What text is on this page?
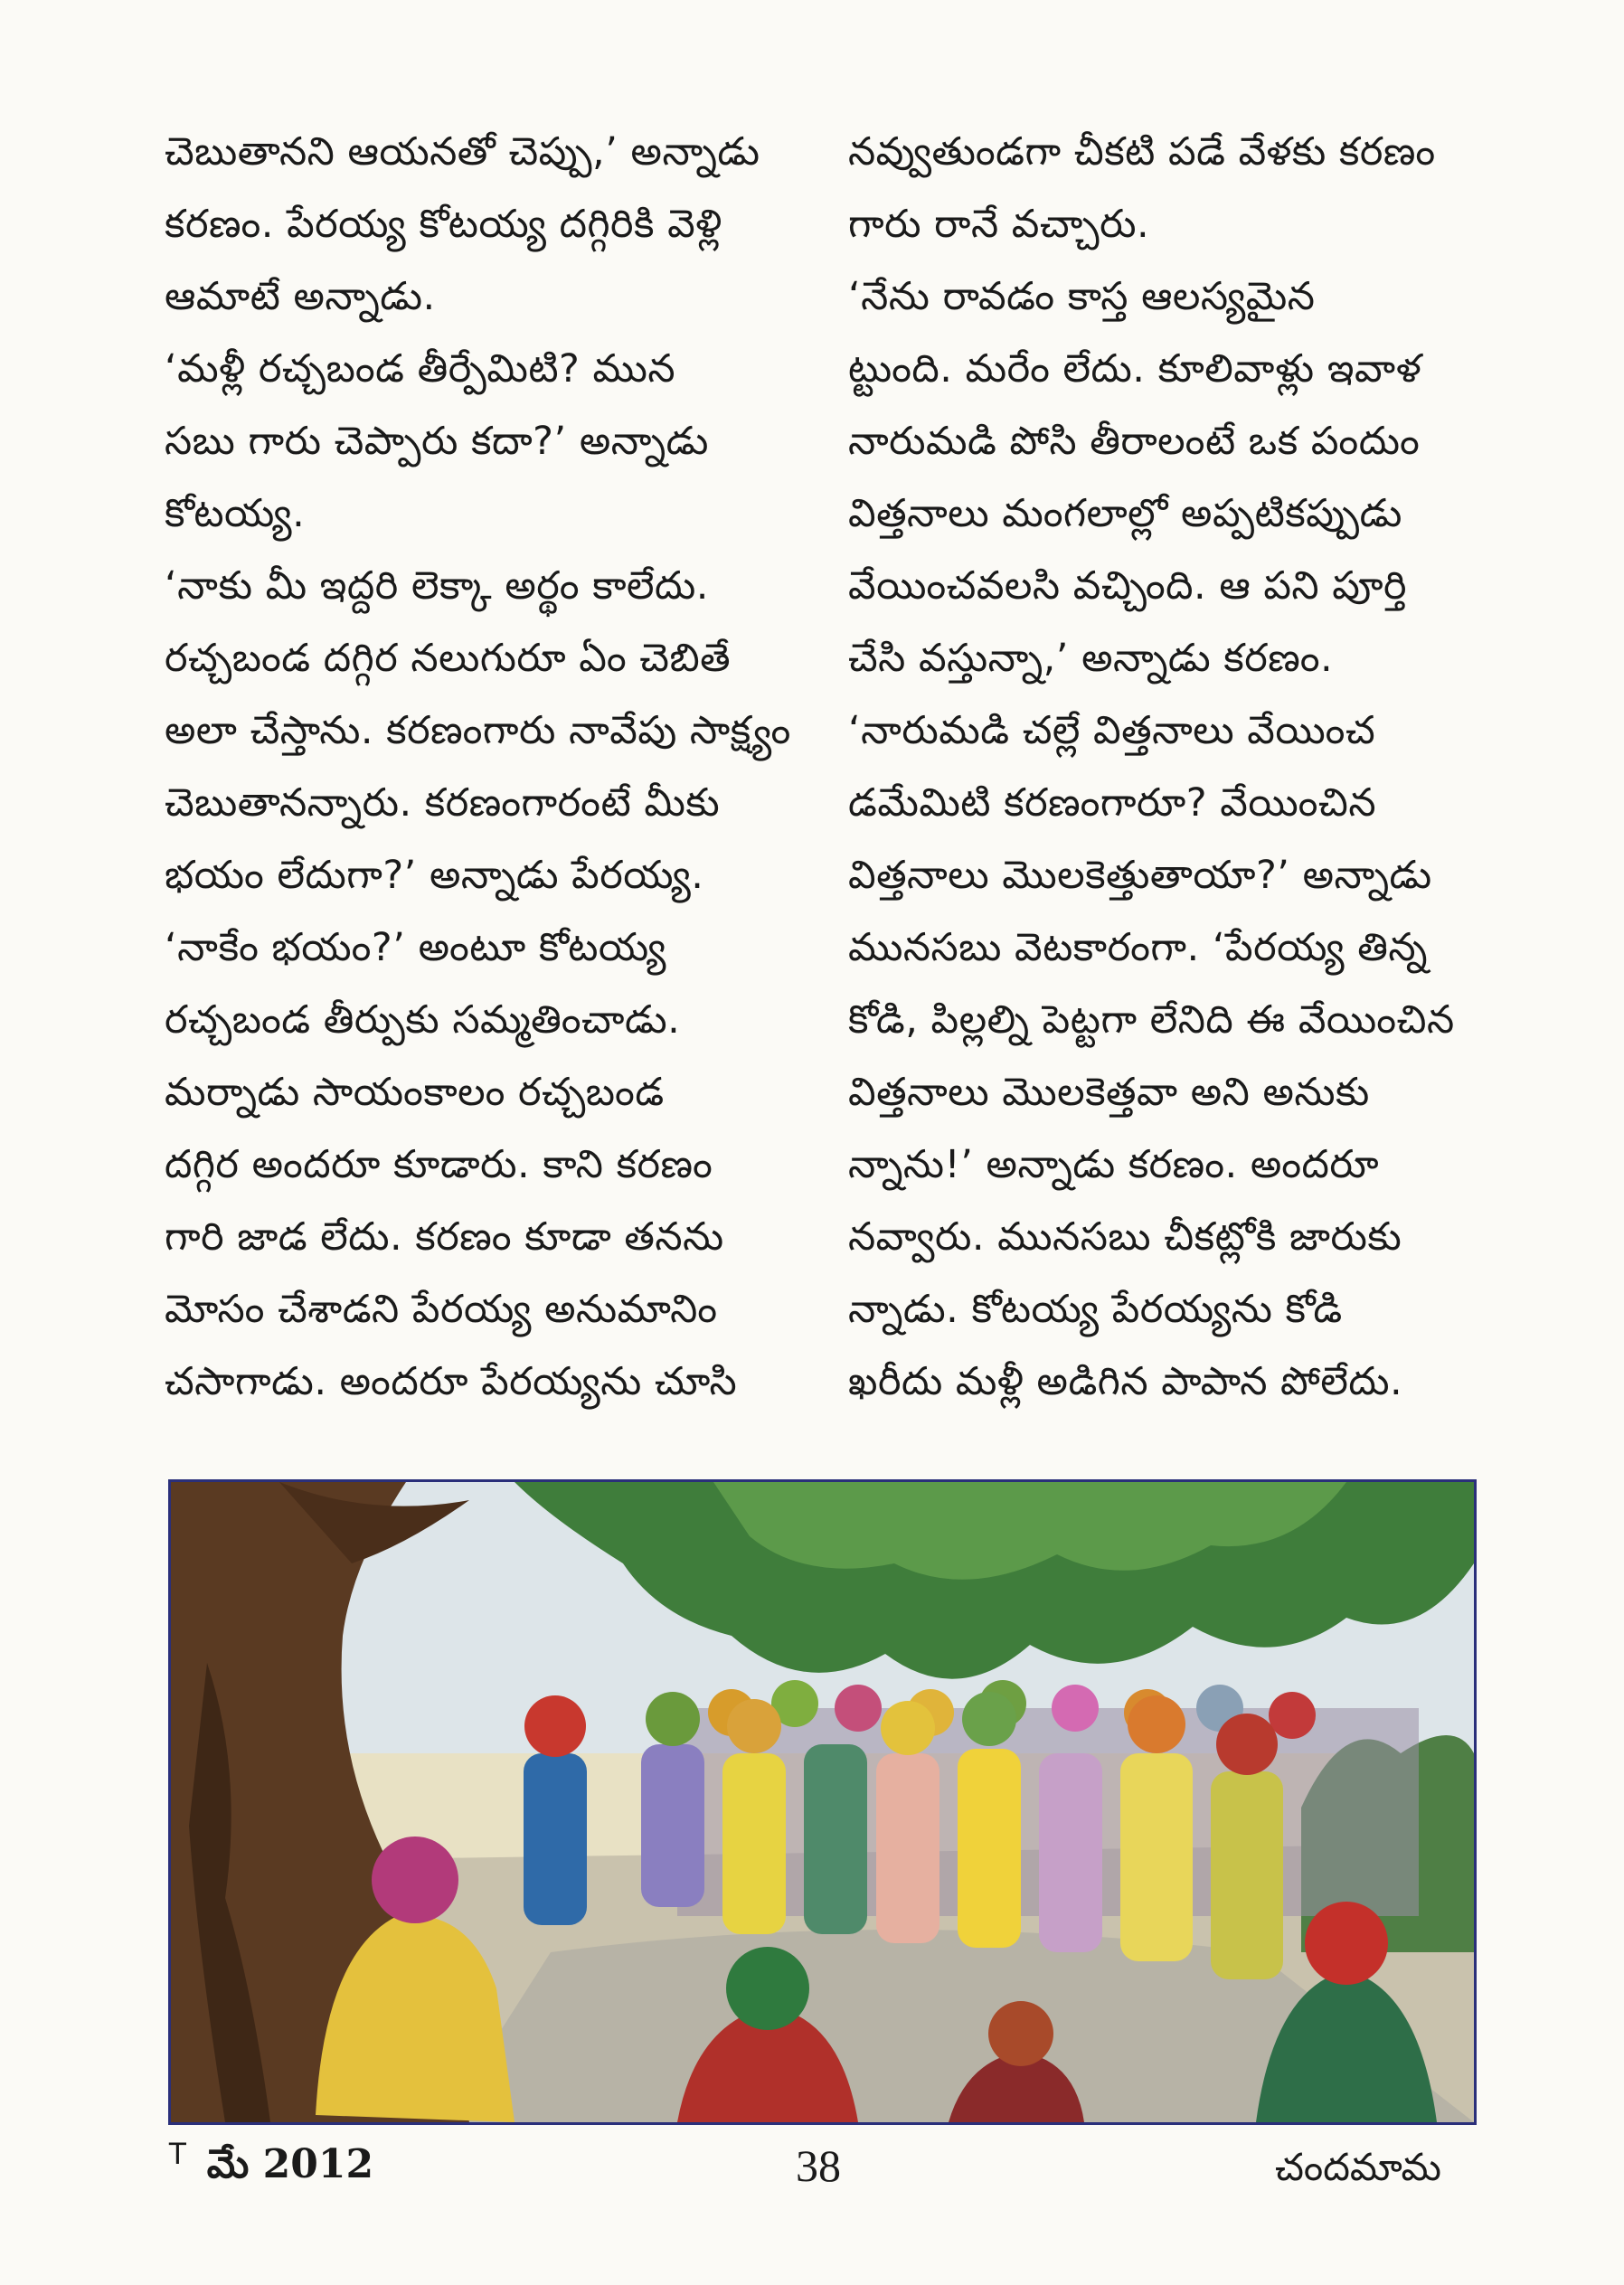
చెబుతానని ఆయనతో చెప్పు,’ అన్నాడు
కరణం. పేరయ్య కోటయ్య దగ్గిరికి వెళ్లి
ఆమాటే అన్నాడు.
‘మళ్లీ రచ్చబండ తీర్పేమిటి? మున
సబు గారు చెప్పారు కదా?’ అన్నాడు
కోటయ్య.
‘నాకు మీ ఇద్దరి లెక్కా అర్థం కాలేదు.
రచ్చబండ దగ్గిర నలుగురూ ఏం చెబితే
అలా చేస్తాను. కరణంగారు నావేపు సాక్ష్యం
చెబుతానన్నారు. కరణంగారంటే మీకు
భయం లేదుగా?’ అన్నాడు పేరయ్య.
‘నాకేం భయం?’ అంటూ కోటయ్య
రచ్చబండ తీర్పుకు సమ్మతించాడు.
మర్నాడు సాయంకాలం రచ్చబండ
దగ్గిర అందరూ కూడారు. కాని కరణం
గారి జాడ లేదు. కరణం కూడా తనను
మోసం చేశాడని పేరయ్య అనుమానిం
చసాగాడు. అందరూ పేరయ్యను చూసి
నవ్వుతుండగా చీకటి పడే వేళకు కరణం
గారు రానే వచ్చారు.
‘నేను రావడం కాస్త ఆలస్యమైన
ట్టుంది. మరేం లేదు. కూలివాళ్లు ఇవాళ
నారుమడి పోసి తీరాలంటే ఒక పందుం
విత్తనాలు మంగలాల్లో అప్పటికప్పుడు
వేయించవలసి వచ్చింది. ఆ పని పూర్తి
చేసి వస్తున్నా,’ అన్నాడు కరణం.
‘నారుమడి చల్లే విత్తనాలు వేయించ
డమేమిటి కరణంగారూ? వేయించిన
విత్తనాలు మొలకెత్తుతాయా?’ అన్నాడు
మునసబు వెటకారంగా. ‘పేరయ్య తిన్న
కోడి, పిల్లల్ని పెట్టగా లేనిది ఈ వేయించిన
విత్తనాలు మొలకెత్తవా అని అనుకు
న్నాను!’ అన్నాడు కరణం. అందరూ
నవ్వారు. మునసబు చీకట్లోకి జారుకు
న్నాడు. కోటయ్య పేరయ్యను కోడి
ఖరీదు మళ్లీ అడిగిన పాపాన పోలేదు.
T మే 2012	38	చందమామ
